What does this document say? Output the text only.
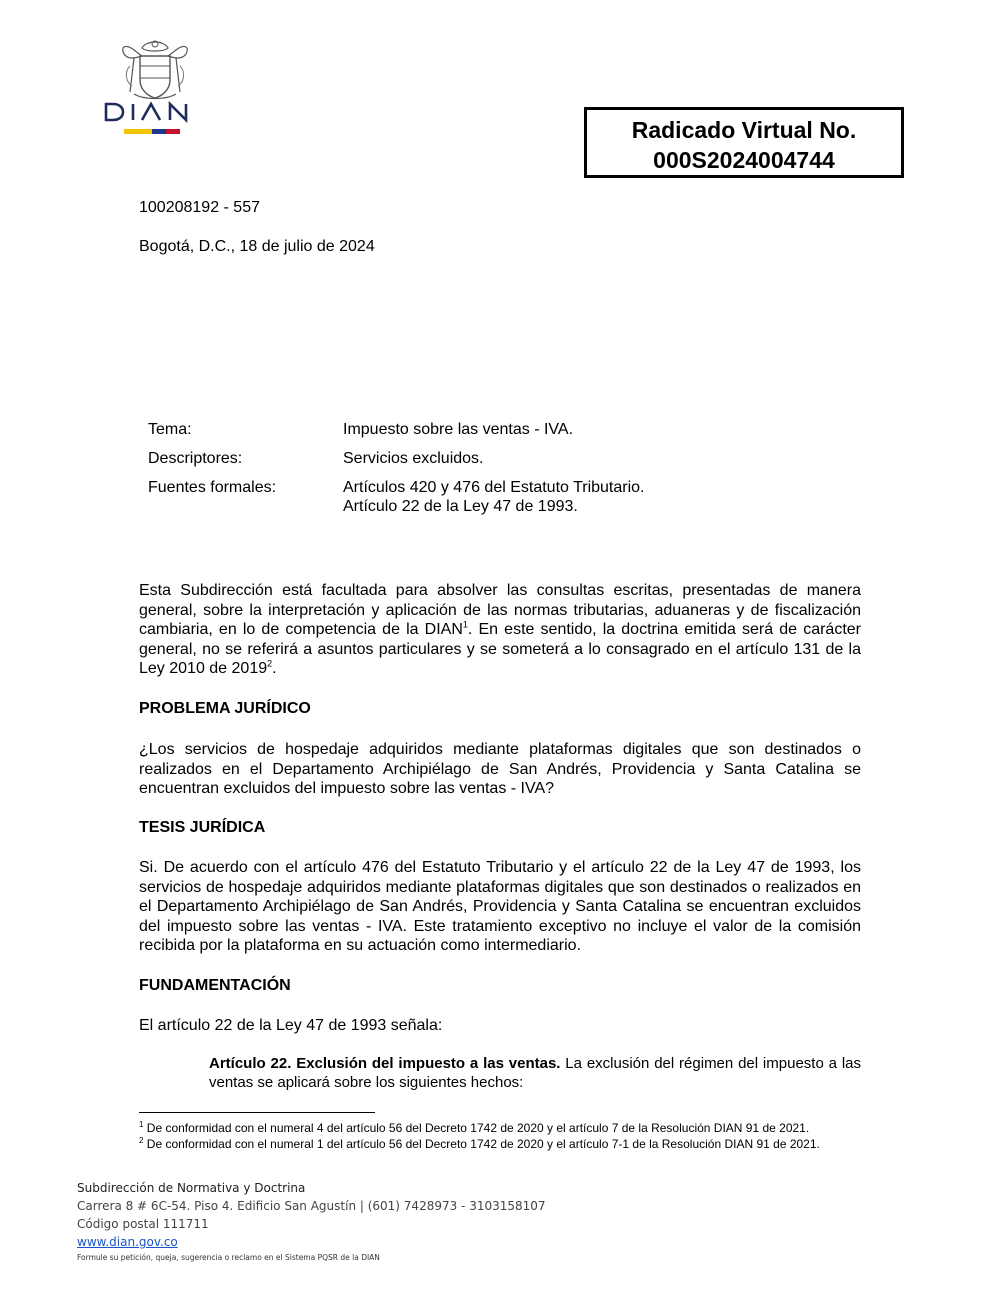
Radicado Virtual No.
000S2024004744
100208192 - 557
Bogotá, D.C., 18 de julio de 2024
Tema:	Impuesto sobre las ventas - IVA.
Descriptores:	Servicios excluidos.
Fuentes formales:	Artículos 420 y 476 del Estatuto Tributario.
Artículo 22 de la Ley 47 de 1993.

Esta Subdirección está facultada para absolver las consultas escritas, presentadas de manera general, sobre la interpretación y aplicación de las normas tributarias, aduaneras y de fiscalización cambiaria, en lo de competencia de la DIAN$^1$. En este sentido, la doctrina emitida será de carácter general, no se referirá a asuntos particulares y se someterá a lo consagrado en el artículo 131 de la Ley 2010 de 2019$^2$.

PROBLEMA JURÍDICO

¿Los servicios de hospedaje adquiridos mediante plataformas digitales que son destinados o realizados en el Departamento Archipiélago de San Andrés, Providencia y Santa Catalina se encuentran excluidos del impuesto sobre las ventas - IVA?

TESIS JURÍDICA

Si. De acuerdo con el artículo 476 del Estatuto Tributario y el artículo 22 de la Ley 47 de 1993, los servicios de hospedaje adquiridos mediante plataformas digitales que son destinados o realizados en el Departamento Archipiélago de San Andrés, Providencia y Santa Catalina se encuentran excluidos del impuesto sobre las ventas - IVA. Este tratamiento exceptivo no incluye el valor de la comisión recibida por la plataforma en su actuación como intermediario.

FUNDAMENTACIÓN
El artículo 22 de la Ley 47 de 1993 señala:

Artículo 22. Exclusión del impuesto a las ventas. La exclusión del régimen del impuesto a las ventas se aplicará sobre los siguientes hechos:

$^1$ De conformidad con el numeral 4 del artículo 56 del Decreto 1742 de 2020 y el artículo 7 de la Resolución DIAN 91 de 2021.

$^2$ De conformidad con el numeral 1 del artículo 56 del Decreto 1742 de 2020 y el artículo 7-1 de la Resolución DIAN 91 de 2021.

Subdirección de Normativa y Doctrina
Carrera 8 # 6C-54. Piso 4. Edificio San Agustín | (601) 7428973 - 3103158107
Código postal 111711
www.dian.gov.co
Formule su petición, queja, sugerencia o reclamo en el Sistema PQSR de la DIAN
